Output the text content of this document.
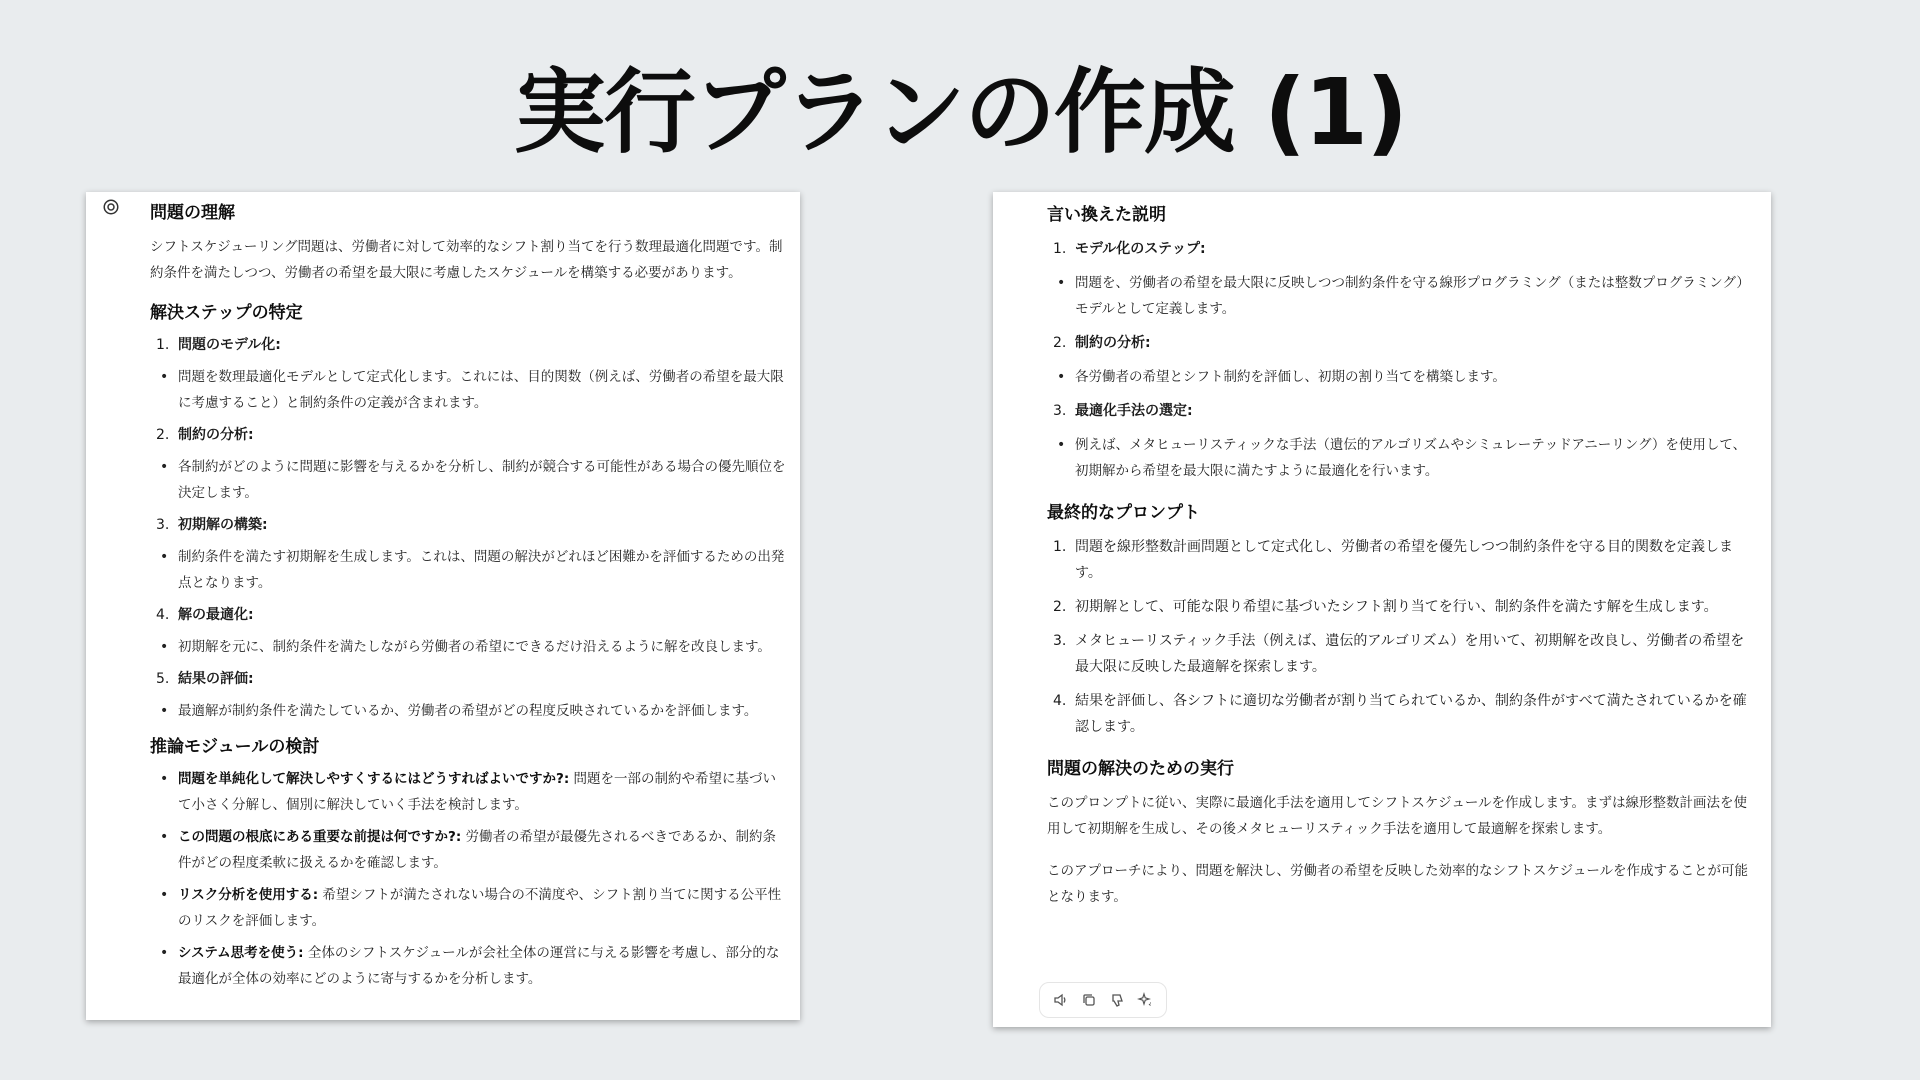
実行プランの作成 (1)
問題の理解

シフトスケジューリング問題は、労働者に対して効率的なシフト割り当てを行う数理最適化問題です。制約条件を満たしつつ、労働者の希望を最大限に考慮したスケジュールを構築する必要があります。

解決ステップの特定
1. 問題のモデル化:
• 問題を数理最適化モデルとして定式化します。これには、目的関数（例えば、労働者の希望を最大限に考慮すること）と制約条件の定義が含まれます。
2. 制約の分析:
• 各制約がどのように問題に影響を与えるかを分析し、制約が競合する可能性がある場合の優先順位を決定します。
3. 初期解の構築:
• 制約条件を満たす初期解を生成します。これは、問題の解決がどれほど困難かを評価するための出発点となります。
4. 解の最適化:
• 初期解を元に、制約条件を満たしながら労働者の希望にできるだけ沿えるように解を改良します。
5. 結果の評価:
• 最適解が制約条件を満たしているか、労働者の希望がどの程度反映されているかを評価します。
推論モジュールの検討
• 問題を単純化して解決しやすくするにはどうすればよいですか?: 問題を一部の制約や希望に基づいて小さく分解し、個別に解決していく手法を検討します。
• この問題の根底にある重要な前提は何ですか?: 労働者の希望が最優先されるべきであるか、制約条件がどの程度柔軟に扱えるかを確認します。
• リスク分析を使用する: 希望シフトが満たされない場合の不満度や、シフト割り当てに関する公平性のリスクを評価します。
• システム思考を使う: 全体のシフトスケジュールが会社全体の運営に与える影響を考慮し、部分的な最適化が全体の効率にどのように寄与するかを分析します。
言い換えた説明
1. モデル化のステップ:
• 問題を、労働者の希望を最大限に反映しつつ制約条件を守る線形プログラミング（または整数プログラミング）モデルとして定義します。
2. 制約の分析:
• 各労働者の希望とシフト制約を評価し、初期の割り当てを構築します。
3. 最適化手法の選定:
• 例えば、メタヒューリスティックな手法（遺伝的アルゴリズムやシミュレーテッドアニーリング）を使用して、初期解から希望を最大限に満たすように最適化を行います。
最終的なプロンプト
1. 問題を線形整数計画問題として定式化し、労働者の希望を優先しつつ制約条件を守る目的関数を定義します。
2. 初期解として、可能な限り希望に基づいたシフト割り当てを行い、制約条件を満たす解を生成します。
3. メタヒューリスティック手法（例えば、遺伝的アルゴリズム）を用いて、初期解を改良し、労働者の希望を最大限に反映した最適解を探索します。
4. 結果を評価し、各シフトに適切な労働者が割り当てられているか、制約条件がすべて満たされているかを確認します。
問題の解決のための実行

このプロンプトに従い、実際に最適化手法を適用してシフトスケジュールを作成します。まずは線形整数計画法を使用して初期解を生成し、その後メタヒューリスティック手法を適用して最適解を探索します。

このアプローチにより、問題を解決し、労働者の希望を反映した効率的なシフトスケジュールを作成することが可能となります。
